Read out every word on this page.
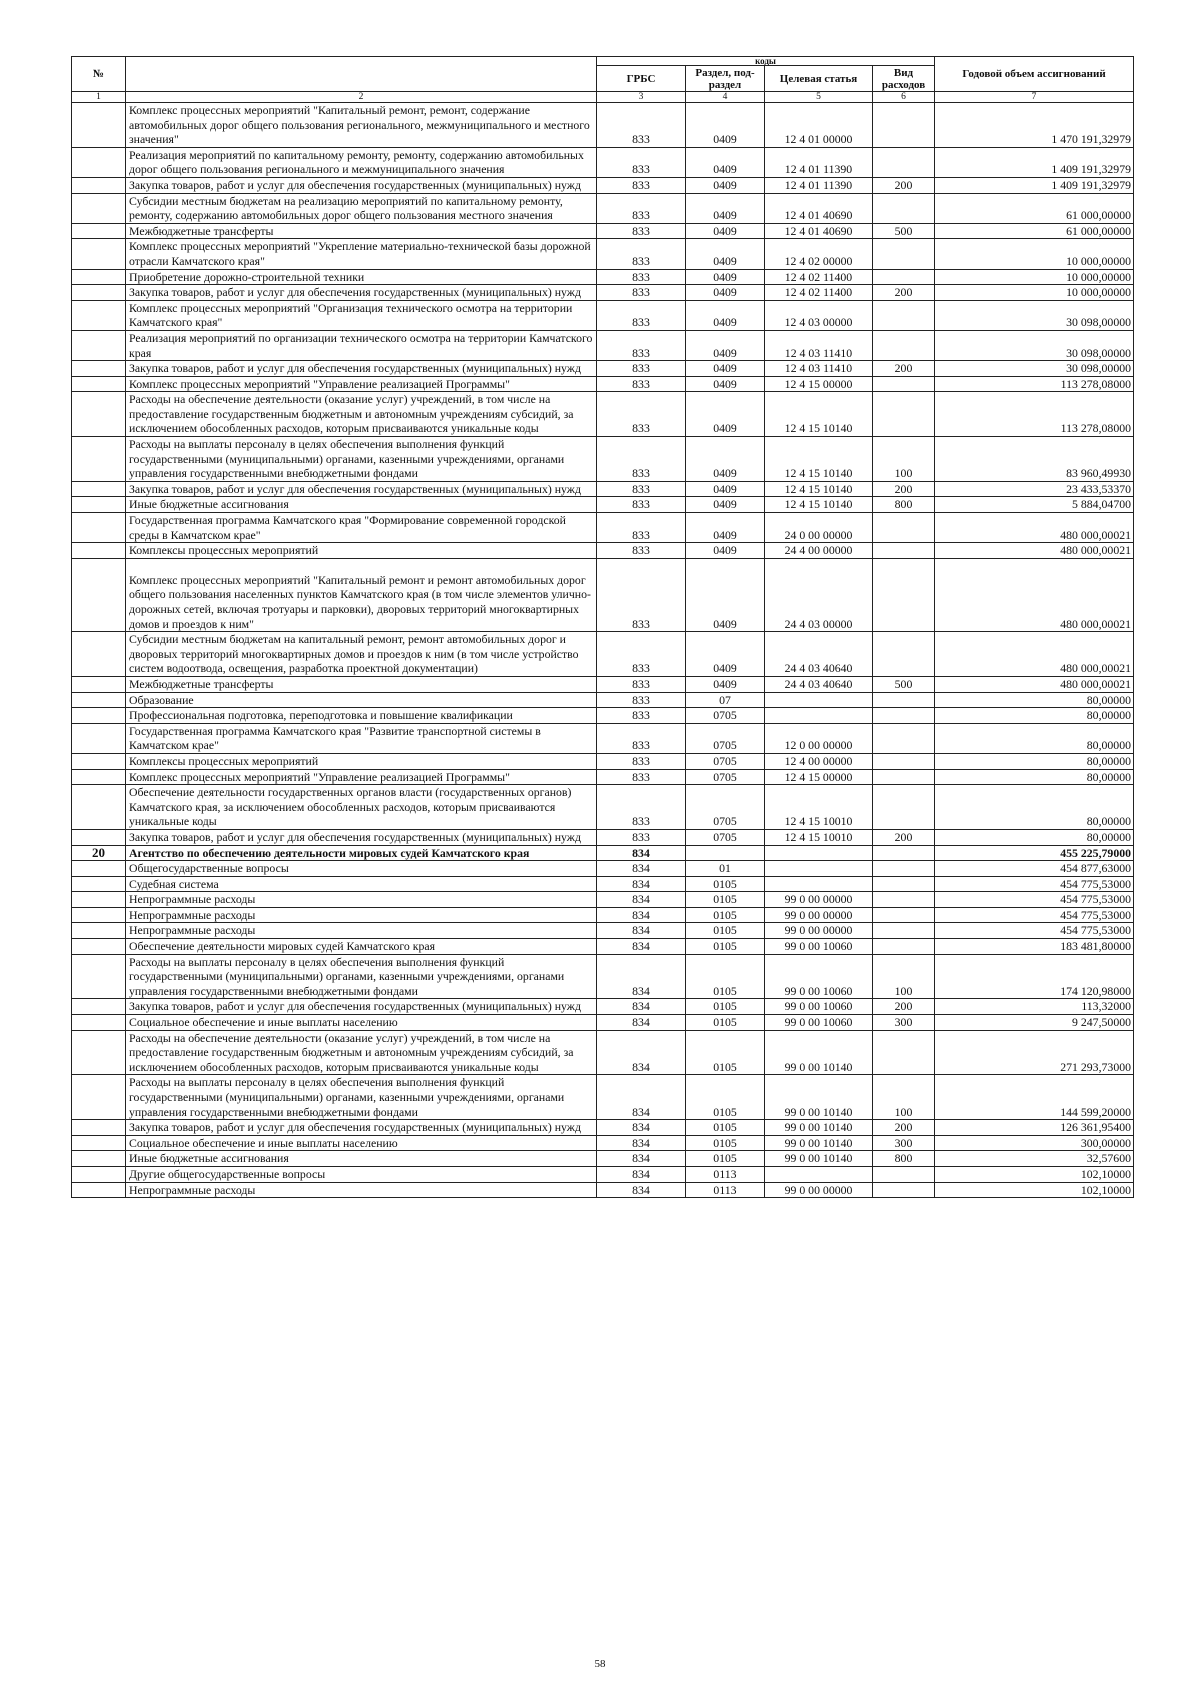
№		коды				Годовой объем ассигнований
		ГРБС	Раздел, под-раздел	Целевая статья	Вид расходов	
1	2	3	4	5	6	7
	Комплекс процессных мероприятий "Капитальный ремонт, ремонт, содержание автомобильных дорог общего пользования регионального, межмуниципального и местного значения"	833	0409	12 4 01 00000		1 470 191,32979
	Реализация мероприятий по капитальному ремонту, ремонту, содержанию автомобильных дорог общего пользования регионального и межмуниципального значения	833	0409	12 4 01 11390		1 409 191,32979
	Закупка товаров, работ и услуг для обеспечения государственных (муниципальных) нужд	833	0409	12 4 01 11390	200	1 409 191,32979
	Субсидии местным бюджетам на реализацию мероприятий по капитальному ремонту, ремонту, содержанию автомобильных дорог общего пользования местного значения	833	0409	12 4 01 40690		61 000,00000
	Межбюджетные трансферты	833	0409	12 4 01 40690	500	61 000,00000
	Комплекс процессных мероприятий "Укрепление материально-технической базы дорожной отрасли Камчатского края"	833	0409	12 4 02 00000		10 000,00000
	Приобретение дорожно-строительной техники	833	0409	12 4 02 11400		10 000,00000
	Закупка товаров, работ и услуг для обеспечения государственных (муниципальных) нужд	833	0409	12 4 02 11400	200	10 000,00000
	Комплекс процессных мероприятий "Организация технического осмотра на территории Камчатского края"	833	0409	12 4 03 00000		30 098,00000
	Реализация мероприятий по организации технического осмотра на территории Камчатского края	833	0409	12 4 03 11410		30 098,00000
	Закупка товаров, работ и услуг для обеспечения государственных (муниципальных) нужд	833	0409	12 4 03 11410	200	30 098,00000
	Комплекс процессных мероприятий "Управление реализацией Программы"	833	0409	12 4 15 00000		113 278,08000
	Расходы на обеспечение деятельности (оказание услуг) учреждений, в том числе на предоставление государственным бюджетным и автономным учреждениям субсидий, за исключением обособленных расходов, которым присваиваются уникальные коды	833	0409	12 4 15 10140		113 278,08000
	Расходы на выплаты персоналу в целях обеспечения выполнения функций государственными (муниципальными) органами, казенными учреждениями, органами управления государственными внебюджетными фондами	833	0409	12 4 15 10140	100	83 960,49930
	Закупка товаров, работ и услуг для обеспечения государственных (муниципальных) нужд	833	0409	12 4 15 10140	200	23 433,53370
	Иные бюджетные ассигнования	833	0409	12 4 15 10140	800	5 884,04700
	Государственная программа Камчатского края "Формирование современной городской среды в Камчатском крае"	833	0409	24 0 00 00000		480 000,00021
	Комплексы процессных мероприятий	833	0409	24 4 00 00000		480 000,00021
	Комплекс процессных мероприятий "Капитальный ремонт и ремонт автомобильных дорог общего пользования населенных пунктов Камчатского края (в том числе элементов улично-дорожных сетей, включая тротуары и парковки), дворовых территорий многоквартирных домов и проездов к ним"	833	0409	24 4 03 00000		480 000,00021
	Субсидии местным бюджетам на капитальный ремонт, ремонт автомобильных дорог и дворовых территорий многоквартирных домов и проездов к ним (в том числе устройство систем водоотвода, освещения, разработка проектной документации)	833	0409	24 4 03 40640		480 000,00021
	Межбюджетные трансферты	833	0409	24 4 03 40640	500	480 000,00021
	Образование	833	07			80,00000
	Профессиональная подготовка, переподготовка и повышение квалификации	833	0705			80,00000
	Государственная программа Камчатского края "Развитие транспортной системы в Камчатском крае"	833	0705	12 0 00 00000		80,00000
	Комплексы процессных мероприятий	833	0705	12 4 00 00000		80,00000
	Комплекс процессных мероприятий "Управление реализацией Программы"	833	0705	12 4 15 00000		80,00000
	Обеспечение деятельности государственных органов власти (государственных органов) Камчатского края, за исключением обособленных расходов, которым присваиваются уникальные коды	833	0705	12 4 15 10010		80,00000
	Закупка товаров, работ и услуг для обеспечения государственных (муниципальных) нужд	833	0705	12 4 15 10010	200	80,00000
20	Агентство по обеспечению деятельности мировых судей Камчатского края	834				455 225,79000
	Общегосударственные вопросы	834	01			454 877,63000
	Судебная система	834	0105			454 775,53000
	Непрограммные расходы	834	0105	99 0 00 00000		454 775,53000
	Непрограммные расходы	834	0105	99 0 00 00000		454 775,53000
	Непрограммные расходы	834	0105	99 0 00 00000		454 775,53000
	Обеспечение деятельности мировых судей Камчатского края	834	0105	99 0 00 10060		183 481,80000
	Расходы на выплаты персоналу в целях обеспечения выполнения функций государственными (муниципальными) органами, казенными учреждениями, органами управления государственными внебюджетными фондами	834	0105	99 0 00 10060	100	174 120,98000
	Закупка товаров, работ и услуг для обеспечения государственных (муниципальных) нужд	834	0105	99 0 00 10060	200	113,32000
	Социальное обеспечение и иные выплаты населению	834	0105	99 0 00 10060	300	9 247,50000
	Расходы на обеспечение деятельности (оказание услуг) учреждений, в том числе на предоставление государственным бюджетным и автономным учреждениям субсидий, за исключением обособленных расходов, которым присваиваются уникальные коды	834	0105	99 0 00 10140		271 293,73000
	Расходы на выплаты персоналу в целях обеспечения выполнения функций государственными (муниципальными) органами, казенными учреждениями, органами управления государственными внебюджетными фондами	834	0105	99 0 00 10140	100	144 599,20000
	Закупка товаров, работ и услуг для обеспечения государственных (муниципальных) нужд	834	0105	99 0 00 10140	200	126 361,95400
	Социальное обеспечение и иные выплаты населению	834	0105	99 0 00 10140	300	300,00000
	Иные бюджетные ассигнования	834	0105	99 0 00 10140	800	32,57600
	Другие общегосударственные вопросы	834	0113			102,10000
	Непрограммные расходы	834	0113	99 0 00 00000		102,10000
58
